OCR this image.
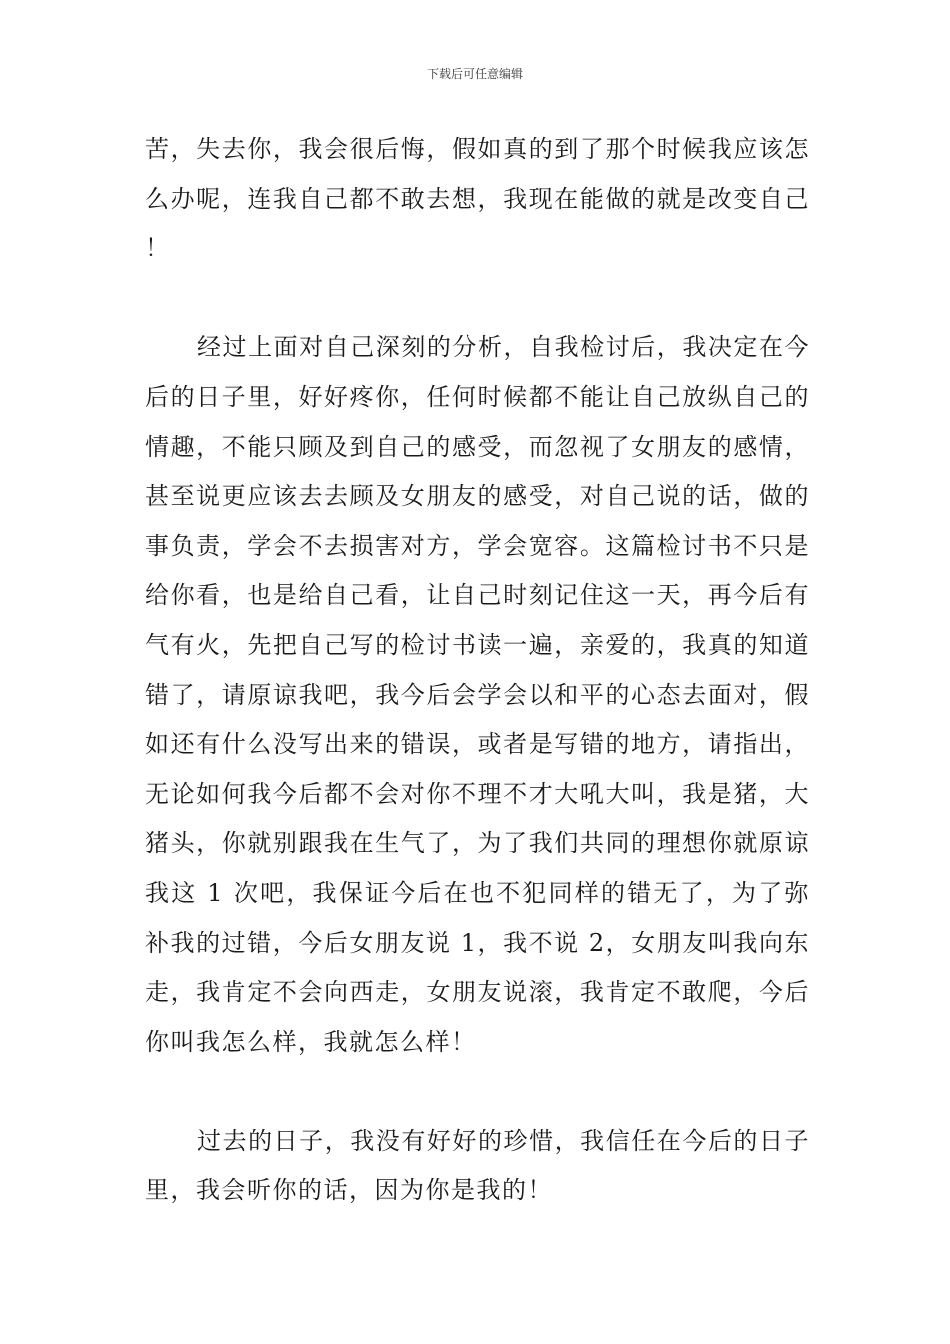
下载后可任意编辑

苦，失去你，我会很后悔，假如真的到了那个时候我应该怎么办呢，连我自己都不敢去想，我现在能做的就是改变自己！

经过上面对自己深刻的分析，自我检讨后，我决定在今后的日子里，好好疼你，任何时候都不能让自己放纵自己的情趣，不能只顾及到自己的感受，而忽视了女朋友的感情，甚至说更应该去去顾及女朋友的感受，对自己说的话，做的事负责，学会不去损害对方，学会宽容。这篇检讨书不只是给你看，也是给自己看，让自己时刻记住这一天，再今后有气有火，先把自己写的检讨书读一遍，亲爱的，我真的知道错了，请原谅我吧，我今后会学会以和平的心态去面对，假如还有什么没写出来的错误，或者是写错的地方，请指出，无论如何我今后都不会对你不理不才大吼大叫，我是猪，大猪头，你就别跟我在生气了，为了我们共同的理想你就原谅我这 1 次吧，我保证今后在也不犯同样的错无了，为了弥补我的过错，今后女朋友说 1，我不说 2，女朋友叫我向东走，我肯定不会向西走，女朋友说滚，我肯定不敢爬，今后你叫我怎么样，我就怎么样！

过去的日子，我没有好好的珍惜，我信任在今后的日子里，我会听你的话，因为你是我的！
